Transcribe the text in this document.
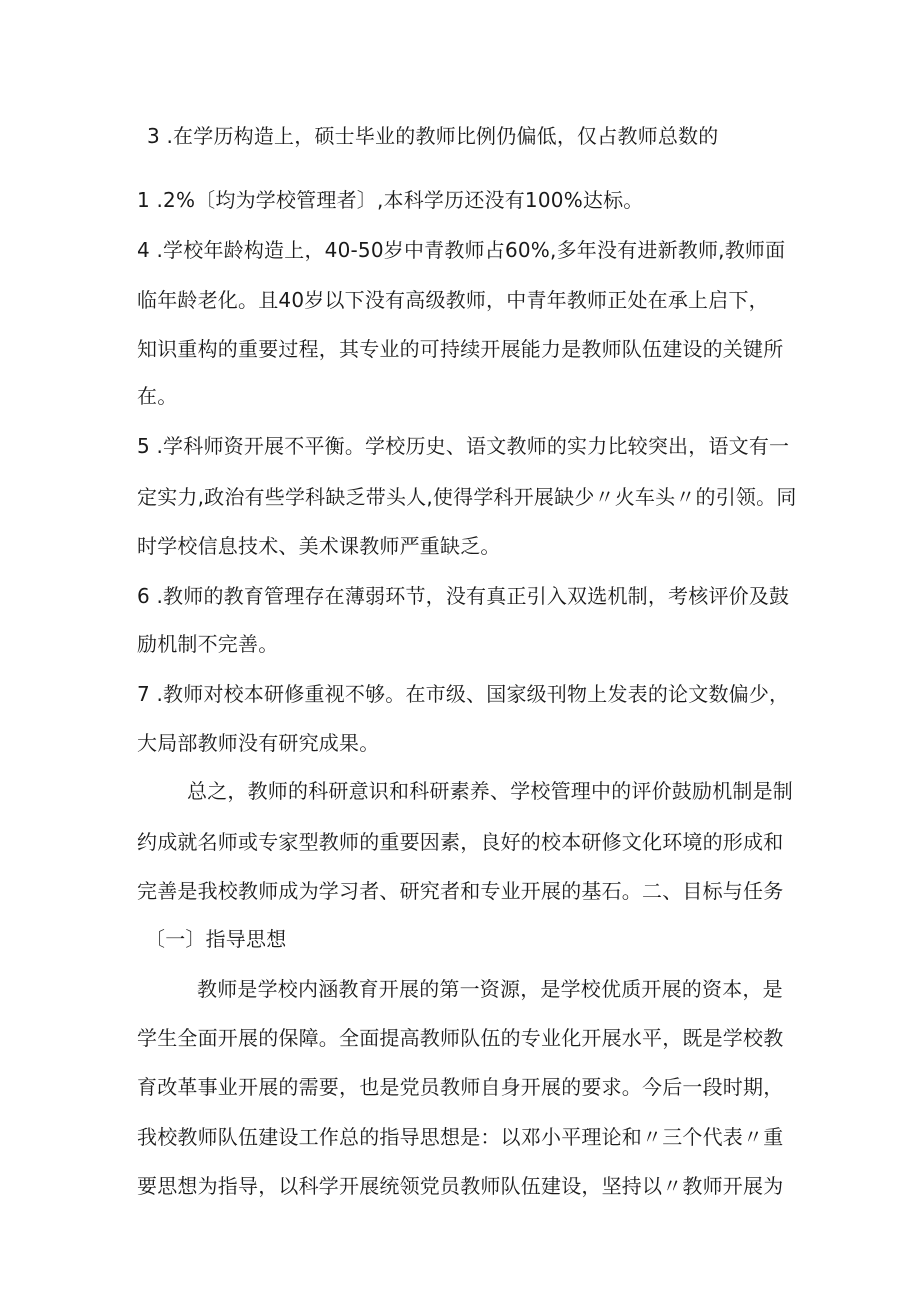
3 .在学历构造上，硕士毕业的教师比例仍偏低，仅占教师总数的
1 .2%〔均为学校管理者〕,本科学历还没有100%达标。
4 .学校年龄构造上，40-50岁中青教师占60%,多年没有进新教师,教师面
临年龄老化。且40岁以下没有高级教师，中青年教师正处在承上启下，
知识重构的重要过程，其专业的可持续开展能力是教师队伍建设的关键所
在。
5 .学科师资开展不平衡。学校历史、语文教师的实力比较突出，语文有一
定实力,政治有些学科缺乏带头人,使得学科开展缺少〃火车头〃的引领。同
时学校信息技术、美术课教师严重缺乏。
6 .教师的教育管理存在薄弱环节，没有真正引入双选机制，考核评价及鼓
励机制不完善。
7 .教师对校本研修重视不够。在市级、国家级刊物上发表的论文数偏少，
大局部教师没有研究成果。
总之，教师的科研意识和科研素养、学校管理中的评价鼓励机制是制
约成就名师或专家型教师的重要因素，良好的校本研修文化环境的形成和
完善是我校教师成为学习者、研究者和专业开展的基石。二、目标与任务
〔一〕指导思想
教师是学校内涵教育开展的第一资源，是学校优质开展的资本，是
学生全面开展的保障。全面提高教师队伍的专业化开展水平，既是学校教
育改革事业开展的需要，也是党员教师自身开展的要求。今后一段时期，
我校教师队伍建设工作总的指导思想是：以邓小平理论和〃三个代表〃重
要思想为指导，以科学开展统领党员教师队伍建设，坚持以〃教师开展为
